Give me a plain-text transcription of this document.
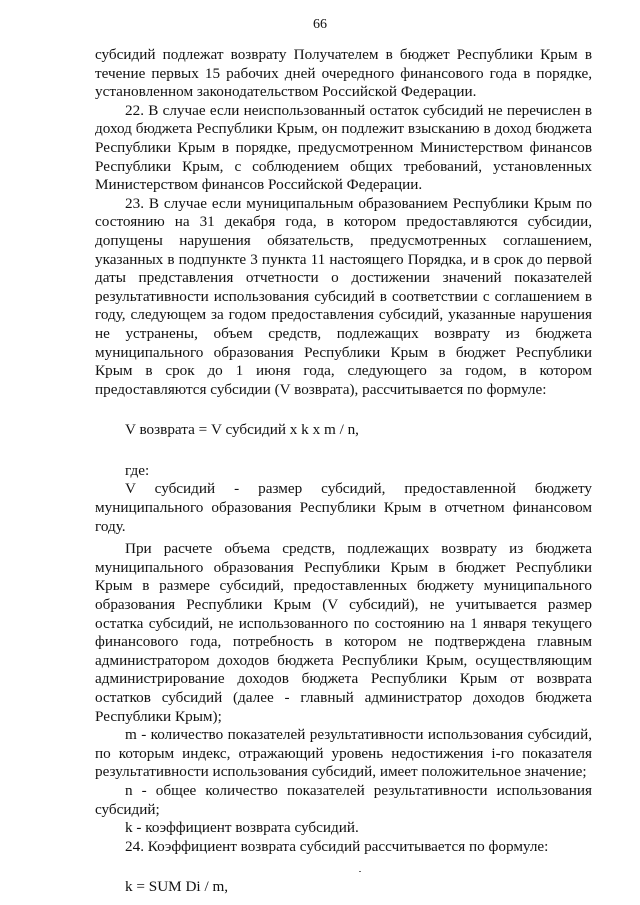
66

субсидий подлежат возврату Получателем в бюджет Республики Крым в течение первых 15 рабочих дней очередного финансового года в порядке, установленном законодательством Российской Федерации.

22. В случае если неиспользованный остаток субсидий не перечислен в доход бюджета Республики Крым, он подлежит взысканию в доход бюджета Республики Крым в порядке, предусмотренном Министерством финансов Республики Крым, с соблюдением общих требований, установленных Министерством финансов Российской Федерации.

23. В случае если муниципальным образованием Республики Крым по состоянию на 31 декабря года, в котором предоставляются субсидии, допущены нарушения обязательств, предусмотренных соглашением, указанных в подпункте 3 пункта 11 настоящего Порядка, и в срок до первой даты представления отчетности о достижении значений показателей результативности использования субсидий в соответствии с соглашением в году, следующем за годом предоставления субсидий, указанные нарушения не устранены, объем средств, подлежащих возврату из бюджета муниципального образования Республики Крым в бюджет Республики Крым в срок до 1 июня года, следующего за годом, в котором предоставляются субсидии (V возврата), рассчитывается по формуле:

V возврата = V субсидий x k x m / n,

где:

V субсидий - размер субсидий, предоставленной бюджету муниципального образования Республики Крым в отчетном финансовом году.

При расчете объема средств, подлежащих возврату из бюджета муниципального образования Республики Крым в бюджет Республики Крым в размере субсидий, предоставленных бюджету муниципального образования Республики Крым (V субсидий), не учитывается размер остатка субсидий, не использованного по состоянию на 1 января текущего финансового года, потребность в котором не подтверждена главным администратором доходов бюджета Республики Крым, осуществляющим администрирование доходов бюджета Республики Крым от возврата остатков субсидий (далее - главный администратор доходов бюджета Республики Крым);

m - количество показателей результативности использования субсидий, по которым индекс, отражающий уровень недостижения i-го показателя результативности использования субсидий, имеет положительное значение;

n - общее количество показателей результативности использования субсидий;

k - коэффициент возврата субсидий.

24. Коэффициент возврата субсидий рассчитывается по формуле:

k = SUM Di / m,
